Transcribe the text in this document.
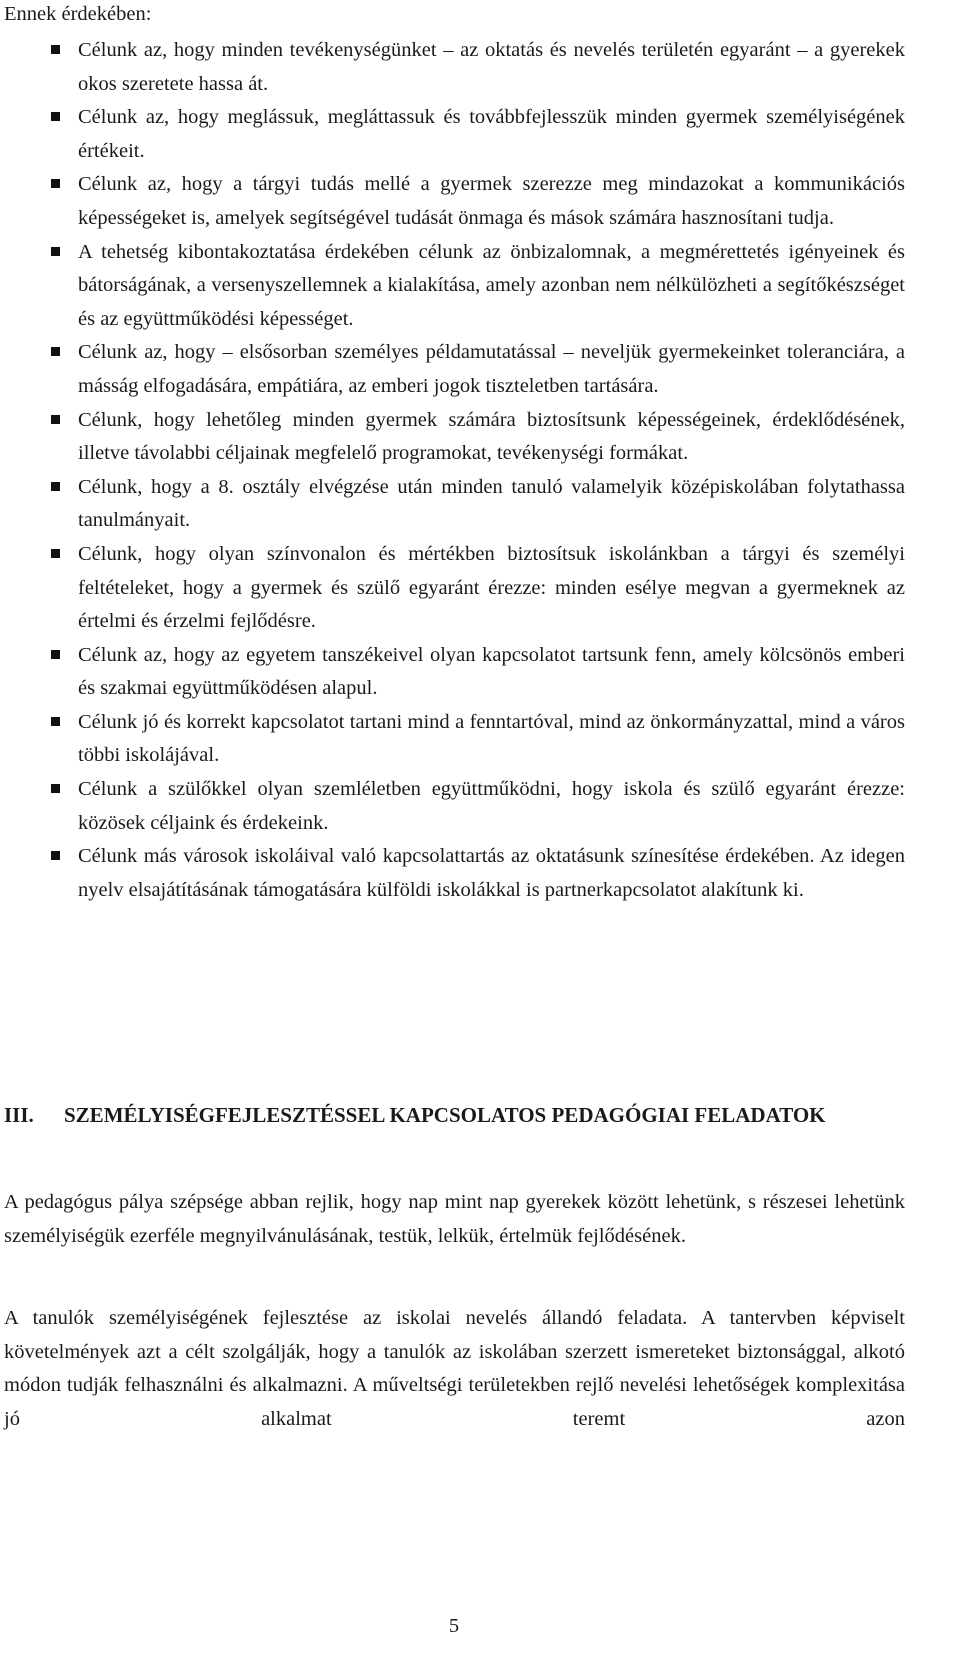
Ennek érdekében:

Célunk az, hogy minden tevékenységünket – az oktatás és nevelés területén egyaránt – a gyerekek okos szeretete hassa át.
Célunk az, hogy meglássuk, megláttassuk és továbbfejlesszük minden gyermek személyiségének értékeit.
Célunk az, hogy a tárgyi tudás mellé a gyermek szerezze meg mindazokat a kommunikációs képességeket is, amelyek segítségével tudását önmaga és mások számára hasznosítani tudja.
A tehetség kibontakoztatása érdekében célunk az önbizalomnak, a megmérettetés igényeinek és bátorságának, a versenyszellemnek a kialakítása, amely azonban nem nélkülözheti a segítőkészséget és az együttműködési képességet.
Célunk az, hogy – elsősorban személyes példamutatással – neveljük gyermekeinket toleranciára, a másság elfogadására, empátiára, az emberi jogok tiszteletben tartására.
Célunk, hogy lehetőleg minden gyermek számára biztosítsunk képességeinek, érdeklődésének, illetve távolabbi céljainak megfelelő programokat, tevékenységi formákat.
Célunk, hogy a 8. osztály elvégzése után minden tanuló valamelyik középiskolában folytathassa tanulmányait.
Célunk, hogy olyan színvonalon és mértékben biztosítsuk iskolánkban a tárgyi és személyi feltételeket, hogy a gyermek és szülő egyaránt érezze: minden esélye megvan a gyermeknek az értelmi és érzelmi fejlődésre.
Célunk az, hogy az egyetem tanszékeivel olyan kapcsolatot tartsunk fenn, amely kölcsönös emberi és szakmai együttműködésen alapul.
Célunk jó és korrekt kapcsolatot tartani mind a fenntartóval, mind az önkormányzattal, mind a város többi iskolájával.
Célunk a szülőkkel olyan szemléletben együttműködni, hogy iskola és szülő egyaránt érezze: közösek céljaink és érdekeink.
Célunk más városok iskoláival való kapcsolattartás az oktatásunk színesítése érdekében. Az idegen nyelv elsajátításának támogatására külföldi iskolákkal is partnerkapcsolatot alakítunk ki.
III. SZEMÉLYISÉGFEJLESZTÉSSEL KAPCSOLATOS PEDAGÓGIAI FELADATOK

A pedagógus pálya szépsége abban rejlik, hogy nap mint nap gyerekek között lehetünk, s részesei lehetünk személyiségük ezerféle megnyilvánulásának, testük, lelkük, értelmük fejlődésének.

A tanulók személyiségének fejlesztése az iskolai nevelés állandó feladata. A tantervben képviselt követelmények azt a célt szolgálják, hogy a tanulók az iskolában szerzett ismereteket biztonsággal, alkotó módon tudják felhasználni és alkalmazni. A műveltségi területekben rejlő nevelési lehetőségek komplexitása jó alkalmat teremt azon

5
